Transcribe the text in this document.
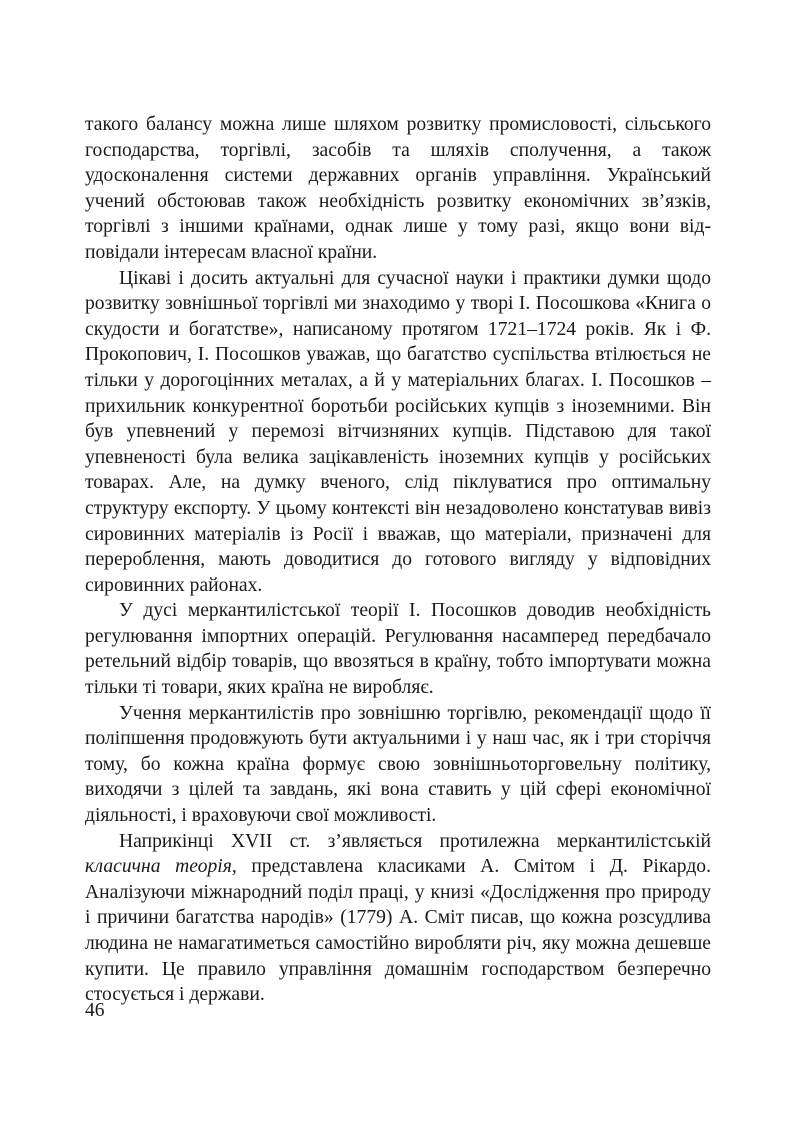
такого балансу можна лише шляхом розвитку промисловості, сільського господарства, торгівлі, засобів та шляхів сполучення, а також удосконалення системи державних органів управління. Український учений обстоював також необхідність розвитку економічних зв’язків, торгівлі з іншими країнами, однак лише у тому разі, якщо вони відповідали інтересам власної країни.

Цікаві і досить актуальні для сучасної науки і практики думки щодо розвитку зовнішньої торгівлі ми знаходимо у творі І. Посошкова «Книга о скудости и богатстве», написаному протягом 1721–1724 років. Як і Ф. Прокопович, І. Посошков уважав, що багатство суспільства втілюється не тільки у дорогоцінних металах, а й у матеріальних благах. І. Посошков – прихильник конкурентної боротьби російських купців з іноземними. Він був упевнений у перемозі вітчизняних купців. Підставою для такої упевненості була велика зацікавленість іноземних купців у російських товарах. Але, на думку вченого, слід піклуватися про оптимальну структуру експорту. У цьому контексті він незадоволено констатував вивіз сировинних матеріалів із Росії і вважав, що матеріали, призначені для перероблення, мають доводитися до готового вигляду у відповідних сировинних районах.

У дусі меркантилістської теорії І. Посошков доводив необхідність регулювання імпортних операцій. Регулювання насамперед передбачало ретельний відбір товарів, що ввозяться в країну, тобто імпортувати можна тільки ті товари, яких країна не виробляє.

Учення меркантилістів про зовнішню торгівлю, рекомендації щодо її поліпшення продовжують бути актуальними і у наш час, як і три сторіччя тому, бо кожна країна формує свою зовнішньоторговельну політику, виходячи з цілей та завдань, які вона ставить у цій сфері економічної діяльності, і враховуючи свої можливості.

Наприкінці XVII ст. з’являється протилежна меркантилістській класична теорія, представлена класиками А. Смітом і Д. Рікардо. Аналізуючи міжнародний поділ праці, у книзі «Дослідження про природу і причини багатства народів» (1779) А. Сміт писав, що кожна розсудлива людина не намагатиметься самостійно виробляти річ, яку можна дешевше купити. Це правило управління домашнім господарством безперечно стосується і держави.

46
